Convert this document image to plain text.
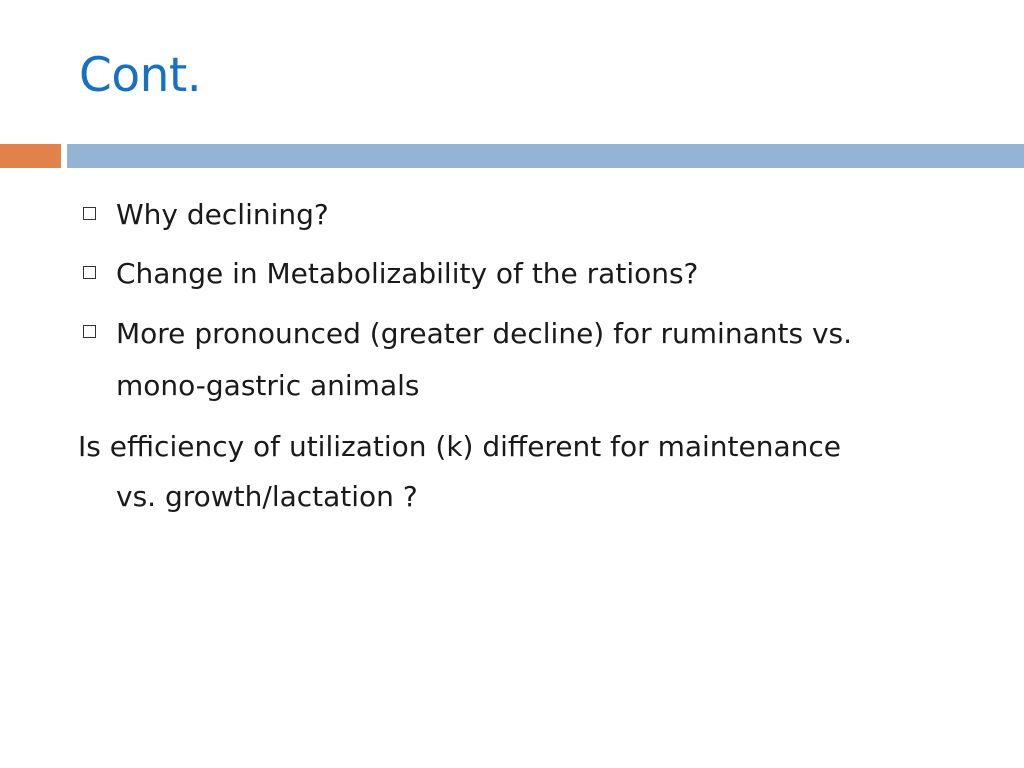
Cont.
Why declining?
Change in Metabolizability of the rations?
More pronounced (greater decline) for ruminants vs.
mono-gastric animals
Is efficiency of utilization (k) different for maintenance
vs. growth/lactation ?
